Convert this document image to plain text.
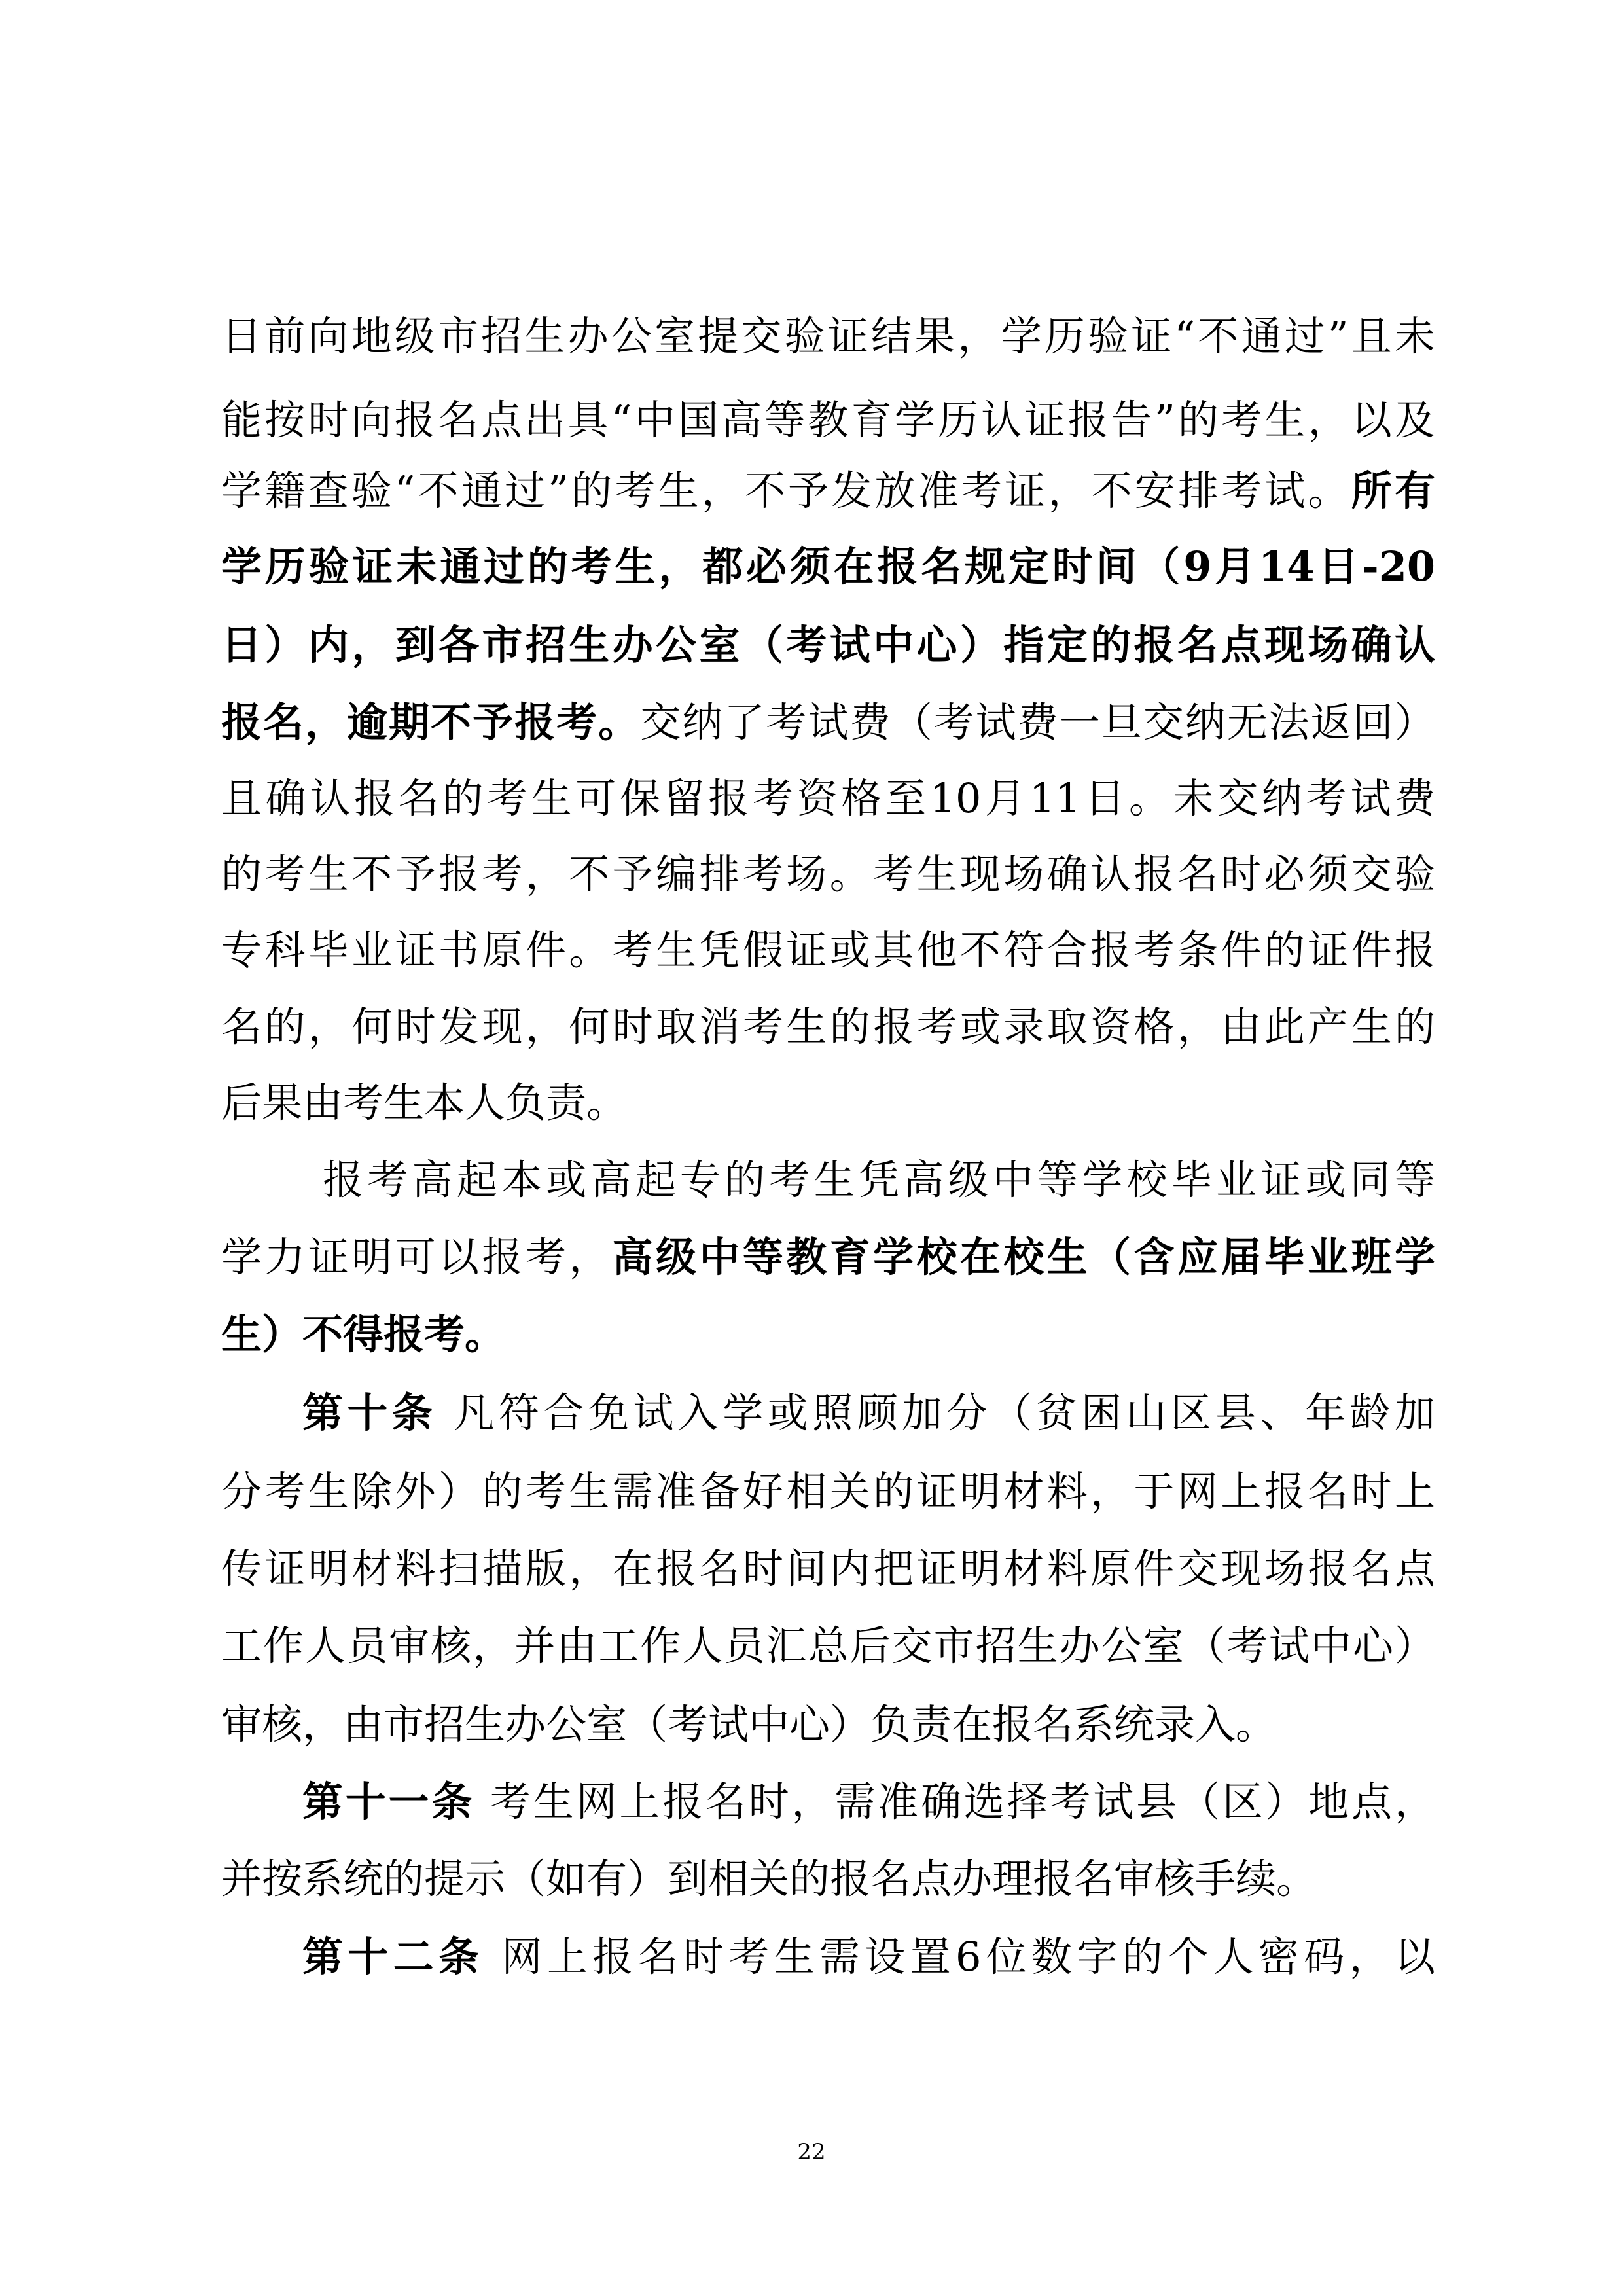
日前向地级市招生办公室提交验证结果，学历验证“不通过”且未
能按时向报名点出具“中国高等教育学历认证报告”的考生，以及
学籍查验“不通过”的考生，不予发放准考证，不安排考试。所有
学历验证未通过的考生，都必须在报名规定时间（9月14日-20
日）内，到各市招生办公室（考试中心）指定的报名点现场确认
报名，逾期不予报考。交纳了考试费（考试费一旦交纳无法返回）
且确认报名的考生可保留报考资格至10月11日。未交纳考试费
的考生不予报考，不予编排考场。考生现场确认报名时必须交验
专科毕业证书原件。考生凭假证或其他不符合报考条件的证件报
名的，何时发现，何时取消考生的报考或录取资格，由此产生的
后果由考生本人负责。
报考高起本或高起专的考生凭高级中等学校毕业证或同等
学力证明可以报考，高级中等教育学校在校生（含应届毕业班学
生）不得报考。
第十条 凡符合免试入学或照顾加分（贫困山区县、年龄加
分考生除外）的考生需准备好相关的证明材料，于网上报名时上
传证明材料扫描版，在报名时间内把证明材料原件交现场报名点
工作人员审核，并由工作人员汇总后交市招生办公室（考试中心）
审核，由市招生办公室（考试中心）负责在报名系统录入。
第十一条 考生网上报名时，需准确选择考试县（区）地点，
并按系统的提示（如有）到相关的报名点办理报名审核手续。
第十二条 网上报名时考生需设置6位数字的个人密码，以
22
